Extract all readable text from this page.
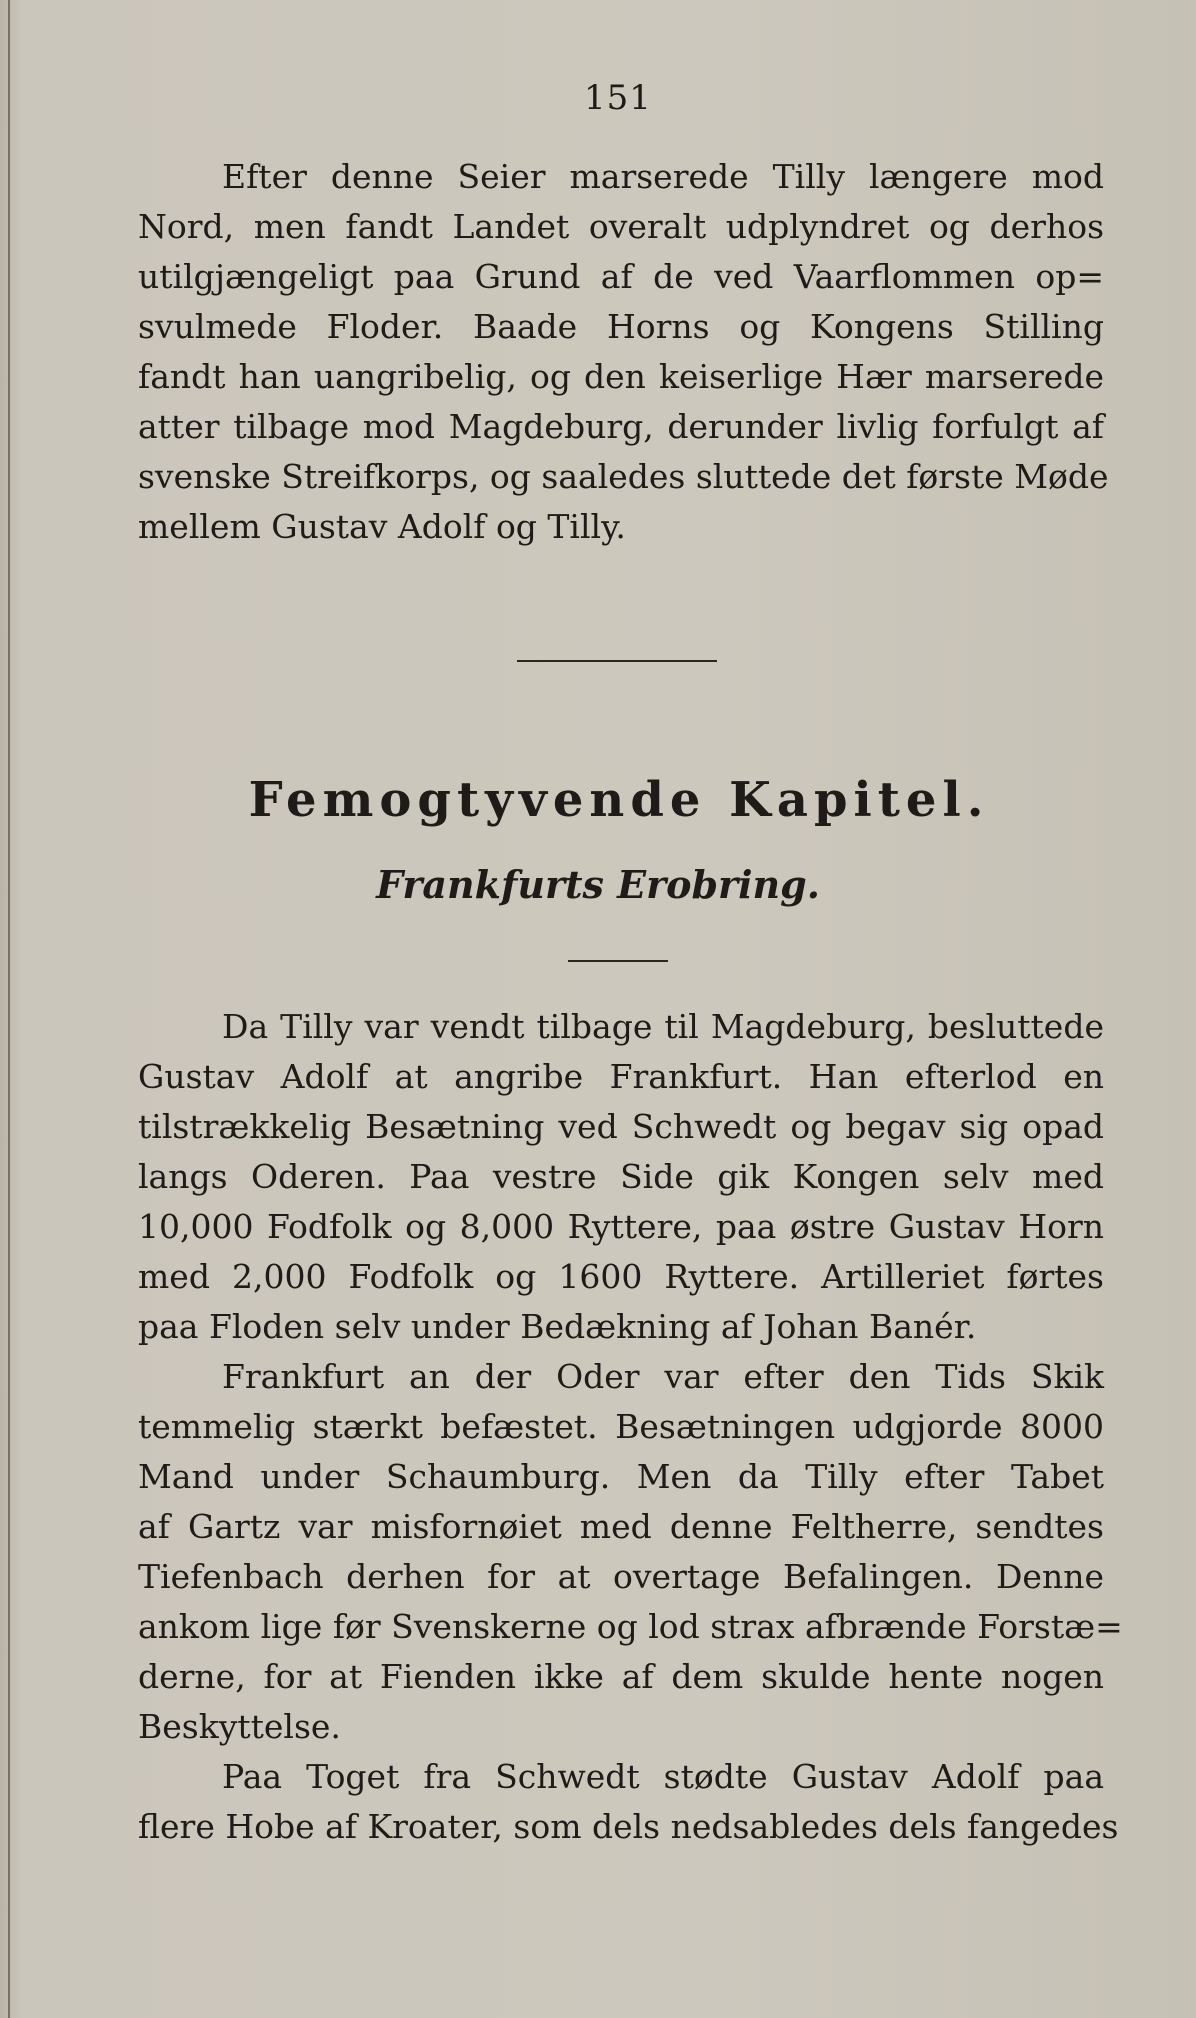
151
Efter denne Seier marserede Tilly længere mod
Nord, men fandt Landet overalt udplyndret og derhos
utilgjængeligt paa Grund af de ved Vaarflommen op=
svulmede Floder. Baade Horns og Kongens Stilling
fandt han uangribelig, og den keiserlige Hær marserede
atter tilbage mod Magdeburg, derunder livlig forfulgt af
svenske Streifkorps, og saaledes sluttede det første Møde
mellem Gustav Adolf og Tilly.
Femogtyvende Kapitel.
Frankfurts Erobring.
Da Tilly var vendt tilbage til Magdeburg, besluttede
Gustav Adolf at angribe Frankfurt. Han efterlod en
tilstrækkelig Besætning ved Schwedt og begav sig opad
langs Oderen. Paa vestre Side gik Kongen selv med
10,000 Fodfolk og 8,000 Ryttere, paa østre Gustav Horn
med 2,000 Fodfolk og 1600 Ryttere. Artilleriet førtes
paa Floden selv under Bedækning af Johan Banér.
Frankfurt an der Oder var efter den Tids Skik
temmelig stærkt befæstet. Besætningen udgjorde 8000
Mand under Schaumburg. Men da Tilly efter Tabet
af Gartz var misfornøiet med denne Feltherre, sendtes
Tiefenbach derhen for at overtage Befalingen. Denne
ankom lige før Svenskerne og lod strax afbrænde Forstæ=
derne, for at Fienden ikke af dem skulde hente nogen
Beskyttelse.
Paa Toget fra Schwedt stødte Gustav Adolf paa
flere Hobe af Kroater, som dels nedsabledes dels fangedes
